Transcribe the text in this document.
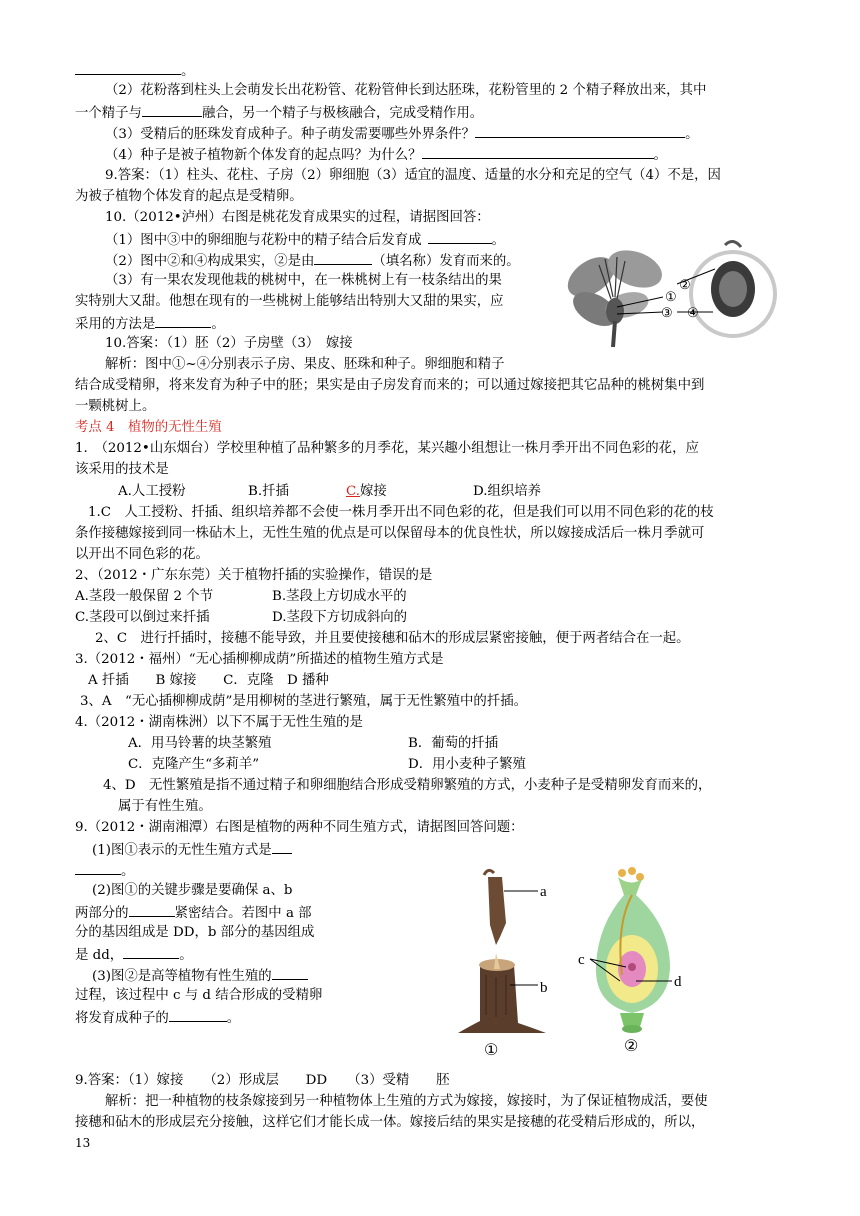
。
（2）花粉落到柱头上会萌发长出花粉管、花粉管伸长到达胚珠，花粉管里的 2 个精子释放出来，其中
一个精子与	融合，另一个精子与极核融合，完成受精作用。
（3）受精后的胚珠发育成种子。种子萌发需要哪些外界条件？	。
（4）种子是被子植物新个体发育的起点吗？为什么？	。
9.答案：（1）柱头、花柱、子房（2）卵细胞（3）适宜的温度、适量的水分和充足的空气（4）不是，因
为被子植物个体发育的起点是受精卵。
10.（2012•泸州）右图是桃花发育成果实的过程，请据图回答：
（1）图中③中的卵细胞与花粉中的精子结合后发育成	。
（2）图中②和④构成果实，②是由	（填名称）发育而来的。
（3）有一果农发现他栽的桃树中，在一株桃树上有一枝条结出的果
实特别大又甜。他想在现有的一些桃树上能够结出特别大又甜的果实，应
采用的方法是	。
10.答案：（1）胚（2）子房壁（3）　嫁接
解析：图中①~④分别表示子房、果皮、胚珠和种子。卵细胞和精子
结合成受精卵，将来发育为种子中的胚；果实是由子房发育而来的；可以通过嫁接把其它品种的桃树集中到
一颗桃树上。
①
②
③ ④
考点 4　植物的无性生殖
1.　（2012•山东烟台）学校里种植了品种繁多的月季花，某兴趣小组想让一株月季开出不同色彩的花，应
该采用的技术是
A.人工授粉	B.扦插	C.嫁接	D.组织培养
1.C　人工授粉、扦插、组织培养都不会使一株月季开出不同色彩的花，但是我们可以用不同色彩的花的枝
条作接穗嫁接到同一株砧木上，无性生殖的优点是可以保留母本的优良性状，所以嫁接成活后一株月季就可
以开出不同色彩的花。
2、（2012・广东东莞）关于植物扦插的实验操作，错误的是
A.茎段一般保留 2 个节	B.茎段上方切成水平的
C.茎段可以倒过来扦插	D.茎段下方切成斜向的
2、C　进行扦插时，接穗不能导致，并且要使接穗和砧木的形成层紧密接触，便于两者结合在一起。
3.（2012・福州）“无心插柳柳成荫”所描述的植物生殖方式是
A 扦插　　B 嫁接　　C．克隆　D 播种
3、A　“无心插柳柳成荫”是用柳树的茎进行繁殖，属于无性繁殖中的扦插。
4.（2012・湖南株洲）以下不属于无性生殖的是
A．用马铃薯的块茎繁殖	B．葡萄的扦插
C．克隆产生“多莉羊”	D．用小麦种子繁殖
4、D　无性繁殖是指不通过精子和卵细胞结合形成受精卵繁殖的方式，小麦种子是受精卵发育而来的，
属于有性生殖。
9.（2012・湖南湘潭）右图是植物的两种不同生殖方式，请据图回答问题：
(1)图①表示的无性生殖方式是
。
(2)图①的关键步骤是要确保 a、b
两部分的	紧密结合。若图中 a 部
分的基因组成是 DD，b 部分的基因组成
是 dd，	。
(3)图②是高等植物有性生殖的
过程，该过程中 c 与 d 结合形成的受精卵
将发育成种子的	。
a
b
①
c
d
②
9.答案：（1）嫁接　　（2）形成层　　DD　　（3）受精　　胚
解析：把一种植物的枝条嫁接到另一种植物体上生殖的方式为嫁接，嫁接时，为了保证植物成活，要使
接穗和砧木的形成层充分接触，这样它们才能长成一体。嫁接后结的果实是接穗的花受精后形成的，所以，
13
